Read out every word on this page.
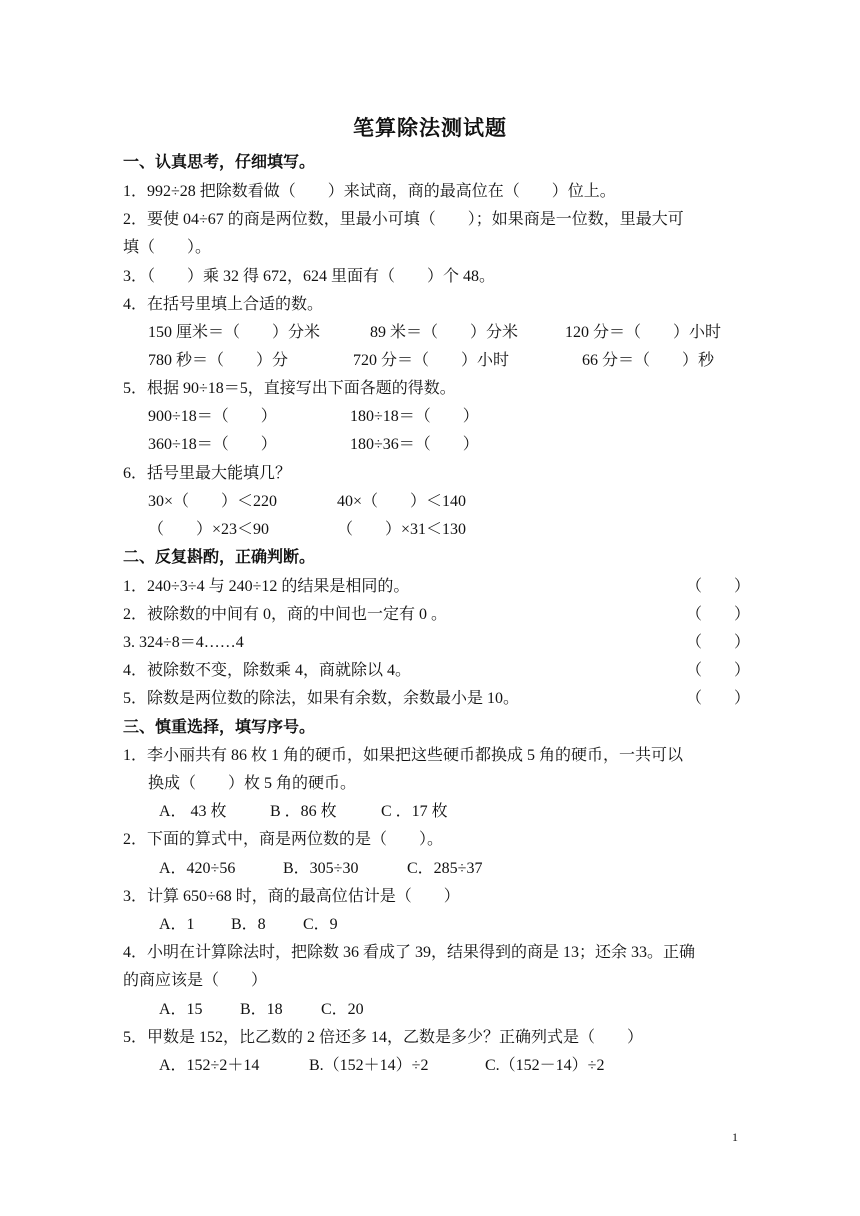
笔算除法测试题
一、认真思考，仔细填写。
1．992÷28 把除数看做（　　）来试商，商的最高位在（　　）位上。
2．要使 04÷67 的商是两位数，里最小可填（　　）；如果商是一位数，里最大可
填（　　）。
3．（　　）乘 32 得 672，624 里面有（　　）个 48。
4．在括号里填上合适的数。
150 厘米＝（　　）分米	89 米＝（　　）分米	120 分＝（　　）小时
780 秒＝（　　）分	720 分＝（　　）小时	66 分＝（　　）秒
5．根据 90÷18＝5，直接写出下面各题的得数。
900÷18＝（　　）	180÷18＝（　　）
360÷18＝（　　）	180÷36＝（　　）
6．括号里最大能填几？
30×（　　）＜220	40×（　　）＜140
（　　）×23＜90	（　　）×31＜130
二、反复斟酌，正确判断。
1．240÷3÷4 与 240÷12 的结果是相同的。	（　　）
2．被除数的中间有 0，商的中间也一定有 0 。	（　　）
3. 324÷8＝4……4	（　　）
4．被除数不变，除数乘 4，商就除以 4。	（　　）
5．除数是两位数的除法，如果有余数，余数最小是 10。	（　　）
三、慎重选择，填写序号。
1．李小丽共有 86 枚 1 角的硬币，如果把这些硬币都换成 5 角的硬币，一共可以
换成（　　）枚 5 角的硬币。
A． 43 枚	B ．86 枚	C ．17 枚
2．下面的算式中，商是两位数的是（　　）。
A．420÷56	B．305÷30	C．285÷37
3．计算 650÷68 时，商的最高位估计是（　　）
A．1 B．8 C．9
4．小明在计算除法时，把除数 36 看成了 39，结果得到的商是 13；还余 33。正确
的商应该是（　　）
A．15 B．18 C．20
5．甲数是 152，比乙数的 2 倍还多 14，乙数是多少？正确列式是（　　）
A．152÷2＋14	B.（152＋14）÷2	C.（152－14）÷2
1
